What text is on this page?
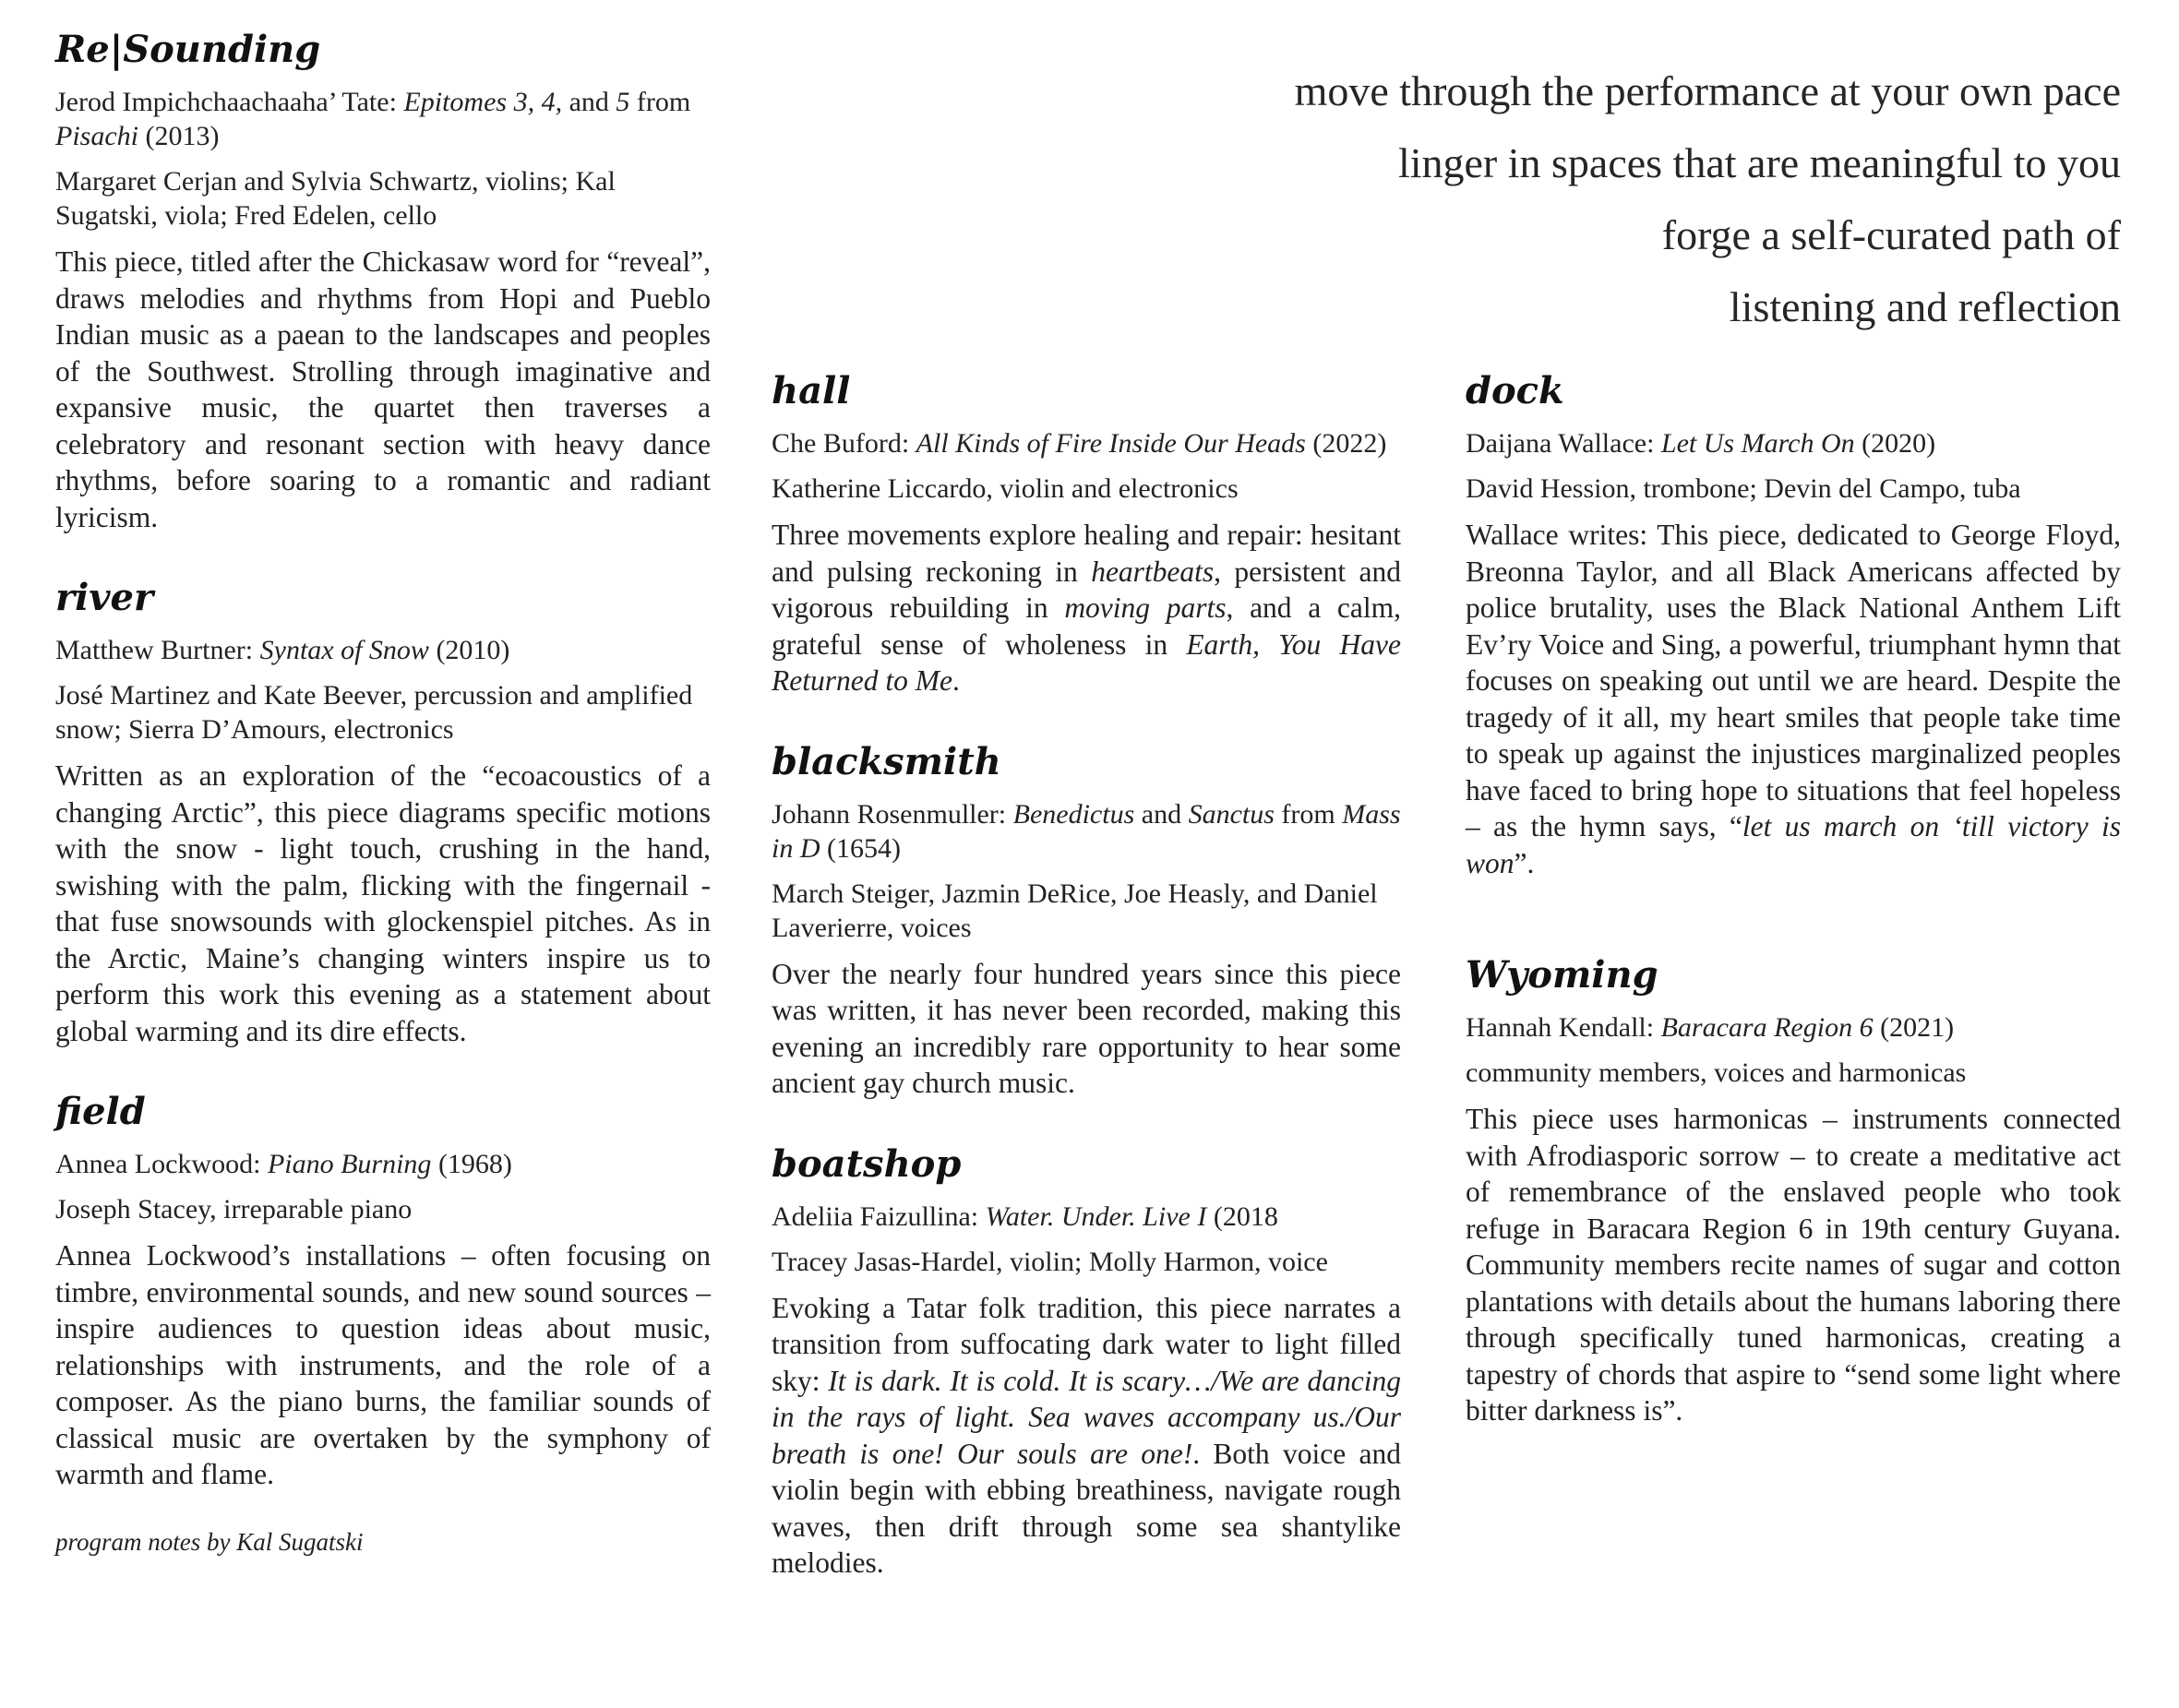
move through the performance at your own pace
linger in spaces that are meaningful to you
forge a self-curated path of
listening and reflection
Re|Sounding

Jerod Impichchaachaaha’ Tate: Epitomes 3, 4, and 5 from Pisachi (2013)

Margaret Cerjan and Sylvia Schwartz, violins; Kal Sugatski, viola; Fred Edelen, cello

This piece, titled after the Chickasaw word for “reveal”, draws melodies and rhythms from Hopi and Pueblo Indian music as a paean to the landscapes and peoples of the Southwest. Strolling through imaginative and expansive music, the quartet then traverses a celebratory and resonant section with heavy dance rhythms, before soaring to a romantic and radiant lyricism.

river

Matthew Burtner: Syntax of Snow (2010)

José Martinez and Kate Beever, percussion and amplified snow; Sierra D’Amours, electronics

Written as an exploration of the “ecoacoustics of a changing Arctic”, this piece diagrams specific motions with the snow - light touch, crushing in the hand, swishing with the palm, flicking with the fingernail - that fuse snowsounds with glockenspiel pitches. As in the Arctic, Maine’s changing winters inspire us to perform this work this evening as a statement about global warming and its dire effects.

field

Annea Lockwood: Piano Burning (1968)

Joseph Stacey, irreparable piano

Annea Lockwood’s installations – often focusing on timbre, environmental sounds, and new sound sources – inspire audiences to question ideas about music, relationships with instruments, and the role of a composer. As the piano burns, the familiar sounds of classical music are overtaken by the symphony of warmth and flame.

program notes by Kal Sugatski
hall

Che Buford: All Kinds of Fire Inside Our Heads (2022)

Katherine Liccardo, violin and electronics

Three movements explore healing and repair: hesitant and pulsing reckoning in heartbeats, persistent and vigorous rebuilding in moving parts, and a calm, grateful sense of wholeness in Earth, You Have Returned to Me.

blacksmith

Johann Rosenmuller: Benedictus and Sanctus from Mass in D (1654)

March Steiger, Jazmin DeRice, Joe Heasly, and Daniel Laverierre, voices

Over the nearly four hundred years since this piece was written, it has never been recorded, making this evening an incredibly rare opportunity to hear some ancient gay church music.

boatshop

Adeliia Faizullina: Water. Under. Live I (2018

Tracey Jasas-Hardel, violin; Molly Harmon, voice

Evoking a Tatar folk tradition, this piece narrates a transition from suffocating dark water to light filled sky: It is dark. It is cold. It is scary…/We are dancing in the rays of light. Sea waves accompany us./Our breath is one! Our souls are one!. Both voice and violin begin with ebbing breathiness, navigate rough waves, then drift through some sea shantylike melodies.

dock

Daijana Wallace: Let Us March On (2020)

David Hession, trombone; Devin del Campo, tuba

Wallace writes: This piece, dedicated to George Floyd, Breonna Taylor, and all Black Americans affected by police brutality, uses the Black National Anthem Lift Ev’ry Voice and Sing, a powerful, triumphant hymn that focuses on speaking out until we are heard. Despite the tragedy of it all, my heart smiles that people take time to speak up against the injustices marginalized peoples have faced to bring hope to situations that feel hopeless – as the hymn says, “let us march on ‘till victory is won”.

Wyoming

Hannah Kendall: Baracara Region 6 (2021)

community members, voices and harmonicas

This piece uses harmonicas – instruments connected with Afrodiasporic sorrow – to create a meditative act of remembrance of the enslaved people who took refuge in Baracara Region 6 in 19th century Guyana. Community members recite names of sugar and cotton plantations with details about the humans laboring there through specifically tuned harmonicas, creating a tapestry of chords that aspire to “send some light where bitter darkness is”.
